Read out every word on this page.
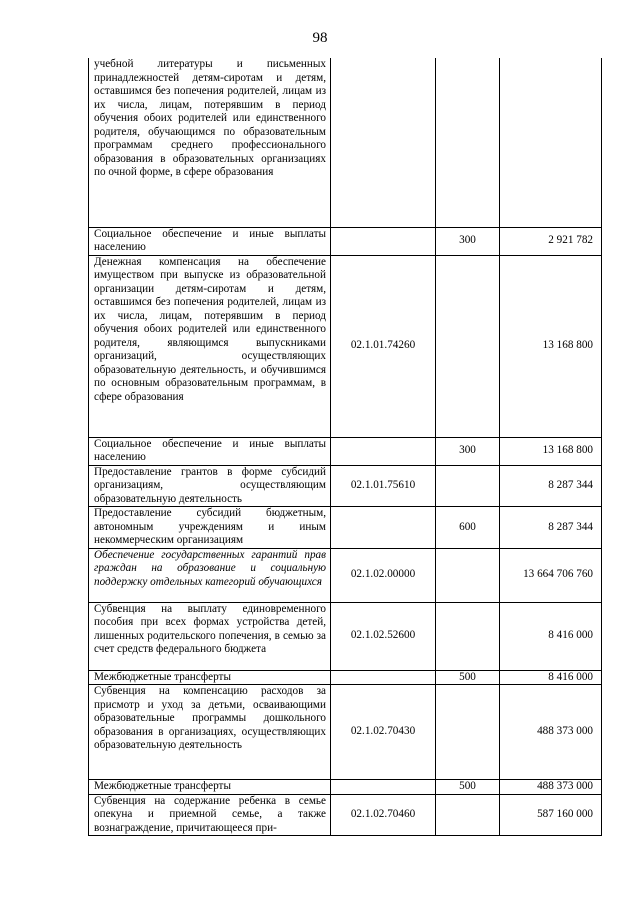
98
учебной литературы и письменных принадлежностей детям-сиротам и детям, оставшимся без попечения родителей, лицам из их числа, лицам, потерявшим в период обучения обоих родителей или единственного родителя, обучающимся по образовательным программам среднего профессионального образования в образовательных организациях по очной форме, в сфере образования			
Социальное обеспечение и иные выплаты населению		300	2 921 782
Денежная компенсация на обеспечение имуществом при выпуске из образовательной организации детям-сиротам и детям, оставшимся без попечения родителей, лицам из их числа, лицам, потерявшим в период обучения обоих родителей или единственного родителя, являющимся выпускниками организаций, осуществляющих образовательную деятельность, и обучившимся по основным образовательным программам, в сфере образования	02.1.01.74260		13 168 800
Социальное обеспечение и иные выплаты населению		300	13 168 800
Предоставление грантов в форме субсидий организациям, осуществляющим образовательную деятельность	02.1.01.75610		8 287 344
Предоставление субсидий бюджетным, автономным учреждениям и иным некоммерческим организациям		600	8 287 344
Обеспечение государственных гарантий прав граждан на образование и социальную поддержку отдельных категорий обучающихся	02.1.02.00000		13 664 706 760
Субвенция на выплату единовременного пособия при всех формах устройства детей, лишенных родительского попечения, в семью за счет средств федерального бюджета	02.1.02.52600		8 416 000
Межбюджетные трансферты		500	8 416 000
Субвенция на компенсацию расходов за присмотр и уход за детьми, осваивающими образовательные программы дошкольного образования в организациях, осуществляющих образовательную деятельность	02.1.02.70430		488 373 000
Межбюджетные трансферты		500	488 373 000
Субвенция на содержание ребенка в семье опекуна и приемной семье, а также вознаграждение, причитающееся при-	02.1.02.70460		587 160 000
